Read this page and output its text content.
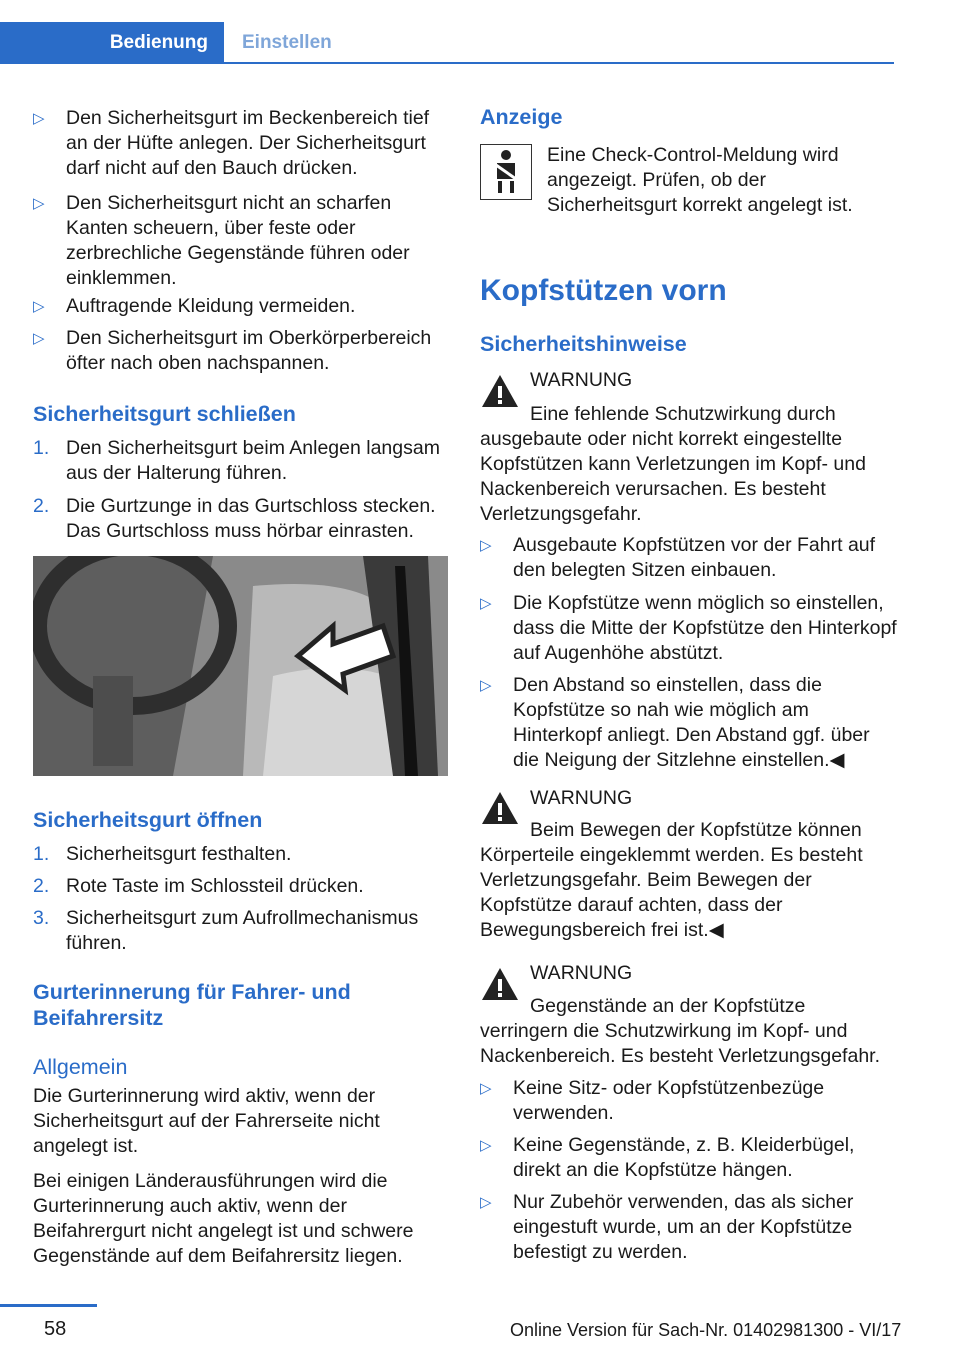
Bedienung	Einstellen
▷ Den Sicherheitsgurt im Beckenbereich tief an der Hüfte anlegen. Der Sicherheitsgurt darf nicht auf den Bauch drücken.
▷ Den Sicherheitsgurt nicht an scharfen Kanten scheuern, über feste oder zerbrechliche Gegenstände führen oder einklemmen.
▷ Auftragende Kleidung vermeiden.
▷ Den Sicherheitsgurt im Oberkörperbereich öfter nach oben nachspannen.
Sicherheitsgurt schließen
1. Den Sicherheitsgurt beim Anlegen langsam aus der Halterung führen.
2. Die Gurtzunge in das Gurtschloss stecken. Das Gurtschloss muss hörbar einrasten.
Sicherheitsgurt öffnen
1. Sicherheitsgurt festhalten.
2. Rote Taste im Schlossteil drücken.
3. Sicherheitsgurt zum Aufrollmechanismus führen.
Gurterinnerung für Fahrer- und Beifahrersitz
Allgemein

Die Gurterinnerung wird aktiv, wenn der Sicherheitsgurt auf der Fahrerseite nicht angelegt ist.

Bei einigen Länderausführungen wird die Gurterinnerung auch aktiv, wenn der Beifahrergurt nicht angelegt ist und schwere Gegenstände auf dem Beifahrersitz liegen.

Anzeige

Eine Check-Control-Meldung wird angezeigt. Prüfen, ob der Sicherheitsgurt korrekt angelegt ist.

Kopfstützen vorn
Sicherheitshinweise

WARNUNG

Eine fehlende Schutzwirkung durch ausgebaute oder nicht korrekt eingestellte Kopfstützen kann Verletzungen im Kopf- und Nackenbereich verursachen. Es besteht Verletzungsgefahr.

▷ Ausgebaute Kopfstützen vor der Fahrt auf den belegten Sitzen einbauen.
▷ Die Kopfstütze wenn möglich so einstellen, dass die Mitte der Kopfstütze den Hinterkopf auf Augenhöhe abstützt.
▷ Den Abstand so einstellen, dass die Kopfstütze so nah wie möglich am Hinterkopf anliegt. Den Abstand ggf. über die Neigung der Sitzlehne einstellen.◀

WARNUNG

Beim Bewegen der Kopfstütze können Körperteile eingeklemmt werden. Es besteht Verletzungsgefahr. Beim Bewegen der Kopfstütze darauf achten, dass der Bewegungsbereich frei ist.◀

WARNUNG

Gegenstände an der Kopfstütze verringern die Schutzwirkung im Kopf- und Nackenbereich. Es besteht Verletzungsgefahr.

▷ Keine Sitz- oder Kopfstützenbezüge verwenden.
▷ Keine Gegenstände, z. B. Kleiderbügel, direkt an die Kopfstütze hängen.
▷ Nur Zubehör verwenden, das als sicher eingestuft wurde, um an der Kopfstütze befestigt zu werden.
58	Online Version für Sach-Nr. 01402981300 - VI/17
